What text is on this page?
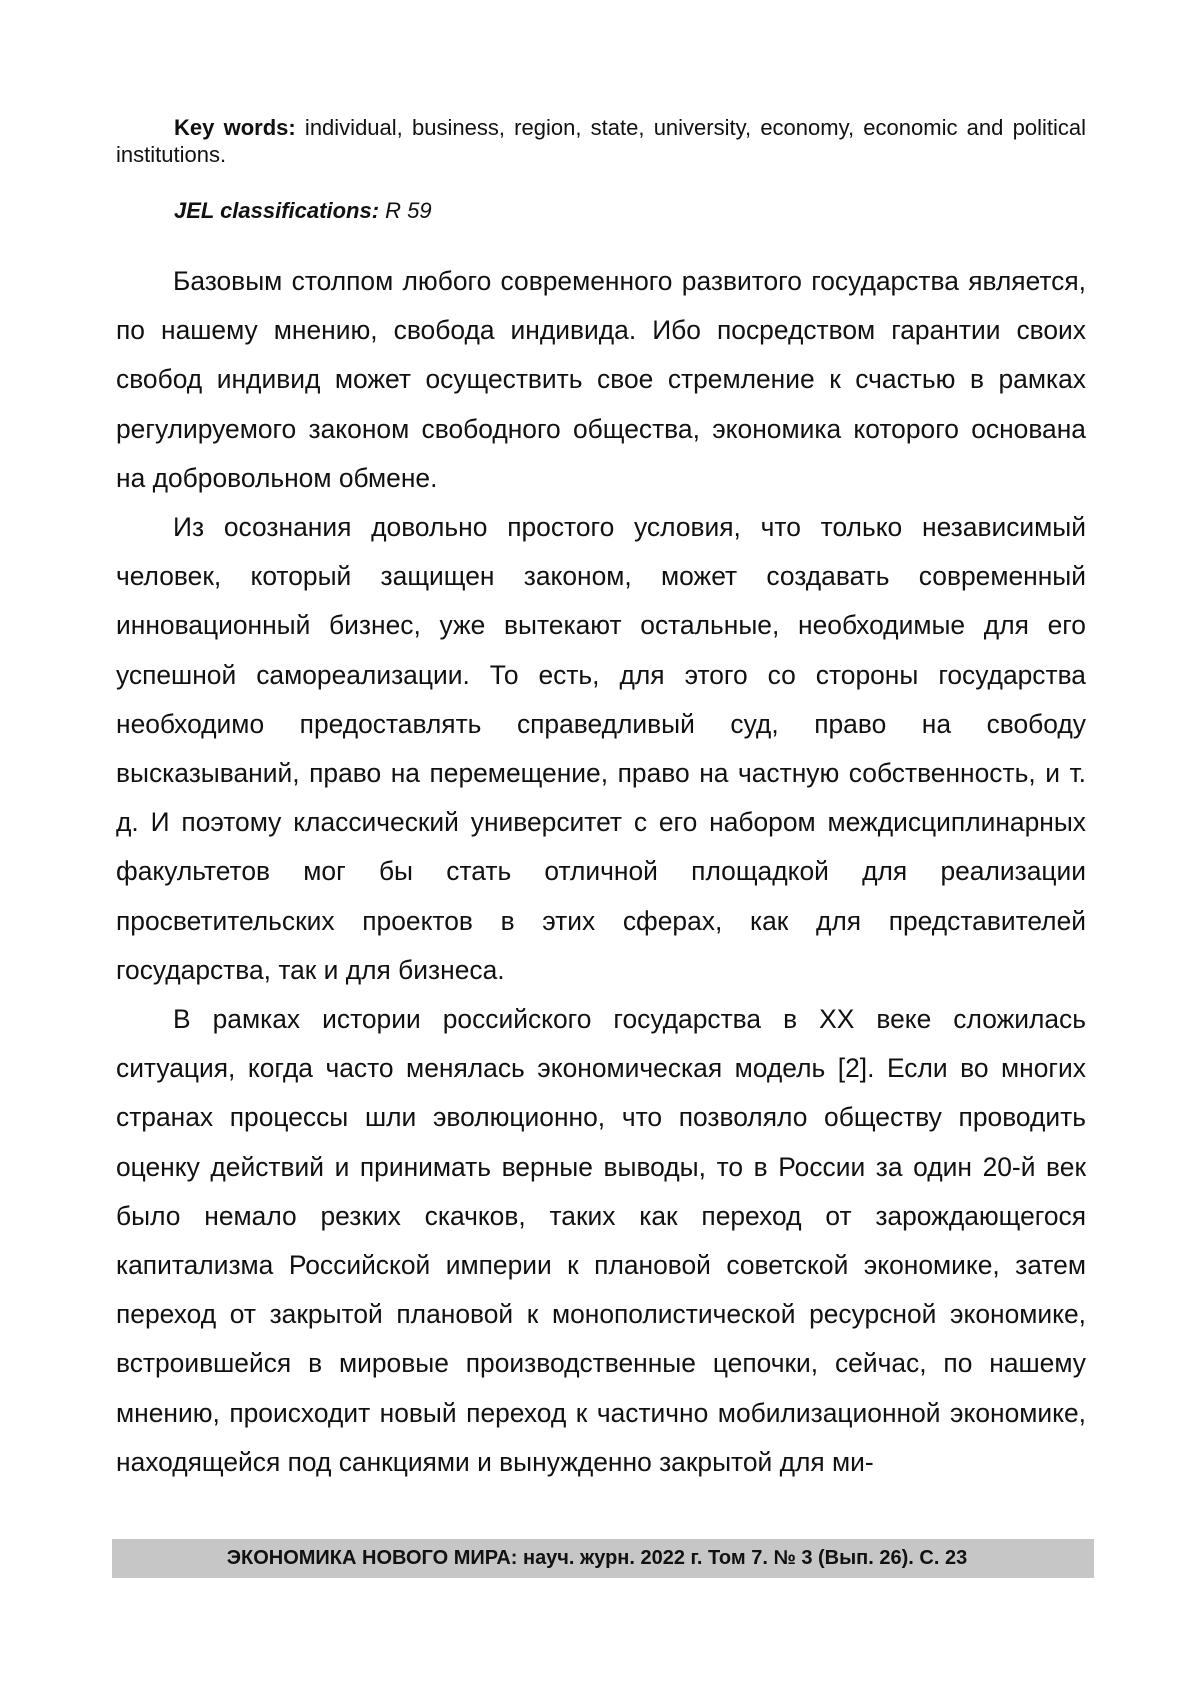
Key words: individual, business, region, state, university, economy, economic and political institutions.

JEL classifications: R 59

Базовым столпом любого современного развитого государства является, по нашему мнению, свобода индивида. Ибо посредством гарантии своих свобод индивид может осуществить свое стремление к счастью в рамках регулируемого законом свободного общества, экономика которого основана на добровольном обмене.

Из осознания довольно простого условия, что только независимый человек, который защищен законом, может создавать современный инновационный бизнес, уже вытекают остальные, необходимые для его успешной самореализации. То есть, для этого со стороны государства необходимо предоставлять справедливый суд, право на свободу высказываний, право на перемещение, право на частную собственность, и т. д. И поэтому классический университет с его набором междисциплинарных факультетов мог бы стать отличной площадкой для реализации просветительских проектов в этих сферах, как для представителей государства, так и для бизнеса.

В рамках истории российского государства в XX веке сложилась ситуация, когда часто менялась экономическая модель [2]. Если во многих странах процессы шли эволюционно, что позволяло обществу проводить оценку действий и принимать верные выводы, то в России за один 20-й век было немало резких скачков, таких как переход от зарождающегося капитализма Российской империи к плановой советской экономике, затем переход от закрытой плановой к монополистической ресурсной экономике, встроившейся в мировые производственные цепочки, сейчас, по нашему мнению, происходит новый переход к частично мобилизационной экономике, находящейся под санкциями и вынужденно закрытой для ми-

ЭКОНОМИКА НОВОГО МИРА: науч. журн. 2022 г. Том 7. № 3 (Вып. 26). С. 23
